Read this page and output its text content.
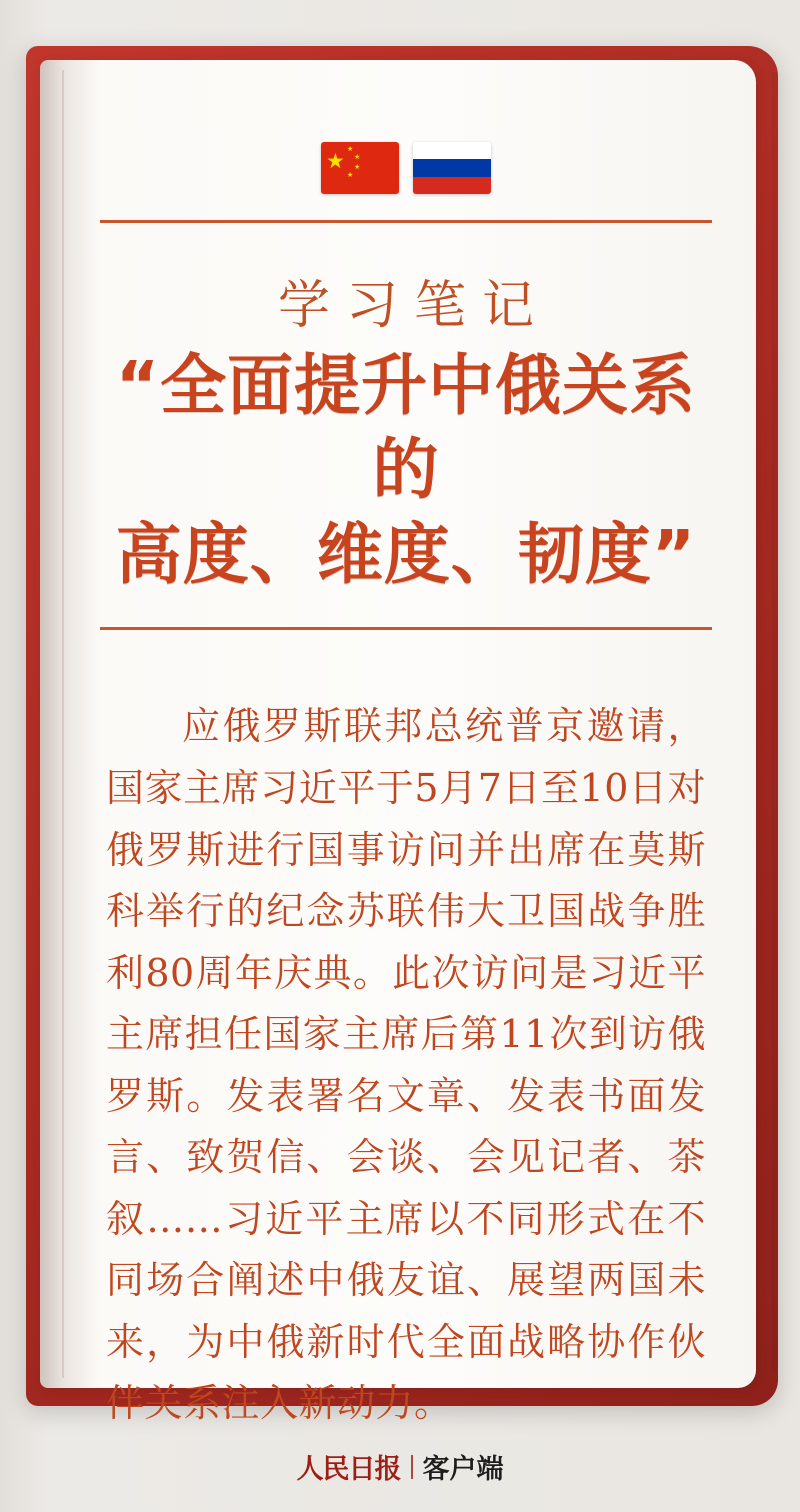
★ ★
★
★
★
学习笔记
“全面提升中俄关系的
高度、维度、韧度”

应俄罗斯联邦总统普京邀请，国家主席习近平于5月7日至10日对俄罗斯进行国事访问并出席在莫斯科举行的纪念苏联伟大卫国战争胜利80周年庆典。此次访问是习近平主席担任国家主席后第11次到访俄罗斯。发表署名文章、发表书面发言、致贺信、会谈、会见记者、茶叙……习近平主席以不同形式在不同场合阐述中俄友谊、展望两国未来，为中俄新时代全面战略协作伙伴关系注入新动力。

人民日报 客户端
